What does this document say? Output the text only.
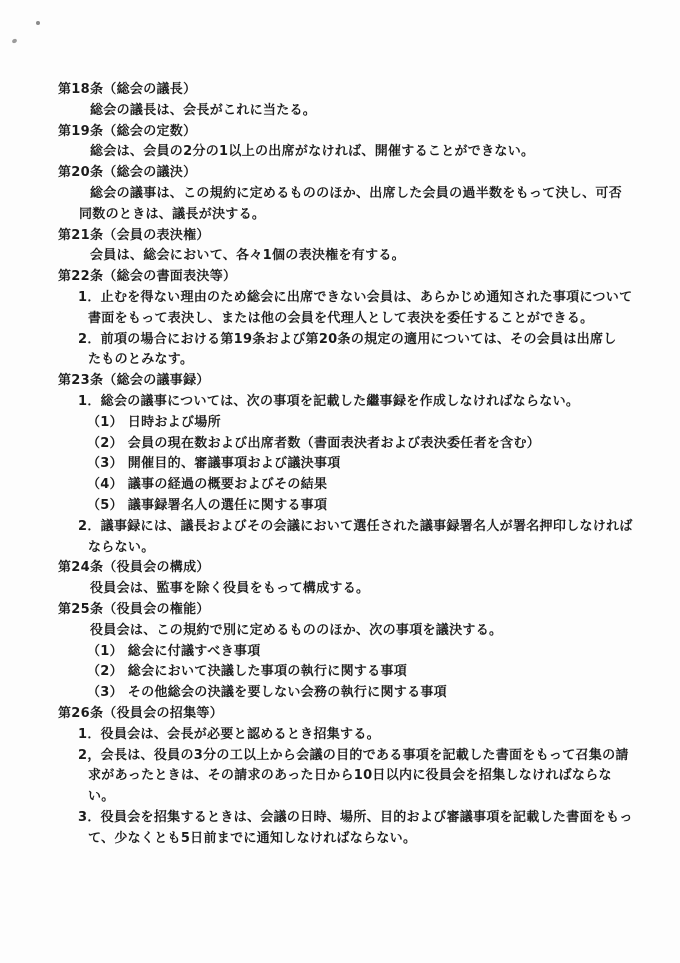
第18条（総会の議長）
総会の議長は、会長がこれに当たる。
第19条（総会の定数）
総会は、会員の2分の1以上の出席がなければ、開催することができない。
第20条（総会の議決）
総会の議事は、この規約に定めるもののほか、出席した会員の過半数をもって決し、可否
同数のときは、議長が決する。
第21条（会員の表決権）
会員は、総会において、各々1個の表決権を有する。
第22条（総会の書面表決等）
1．止むを得ない理由のため総会に出席できない会員は、あらかじめ通知された事項について
書面をもって表決し、または他の会員を代理人として表決を委任することができる。
2．前項の場合における第19条および第20条の規定の適用については、その会員は出席し
たものとみなす。
第23条（総会の議事録）
1．総会の議事については、次の事項を記載した繼事録を作成しなければならない。
（1） 日時および場所
（2） 会員の現在数および出席者数（書面表決者および表決委任者を含む）
（3） 開催目的、審議事項および議決事項
（4） 議事の経過の概要およびその結果
（5） 議事録署名人の選任に関する事項
2．議事録には、議長およびその会議において選任された議事録署名人が署名押印しなければ
ならない。
第24条（役員会の構成）
役員会は、監事を除く役員をもって構成する。
第25条（役員会の権能）
役員会は、この規約で別に定めるもののほか、次の事項を議決する。
（1） 総会に付議すべき事項
（2） 総会において決議した事項の執行に関する事項
（3） その他総会の決議を要しない会務の執行に関する事項
第26条（役員会の招集等）
1．役員会は、会長が必要と認めるとき招集する。
2，会長は、役員の3分の工以上から会議の目的である事項を記載した書面をもって召集の請
求があったときは、その請求のあった日から10日以内に役員会を招集しなければならな
い。
3．役員会を招集するときは、会議の日時、場所、目的および審議事項を記載した書面をもっ
て、少なくとも5日前までに通知しなければならない。
